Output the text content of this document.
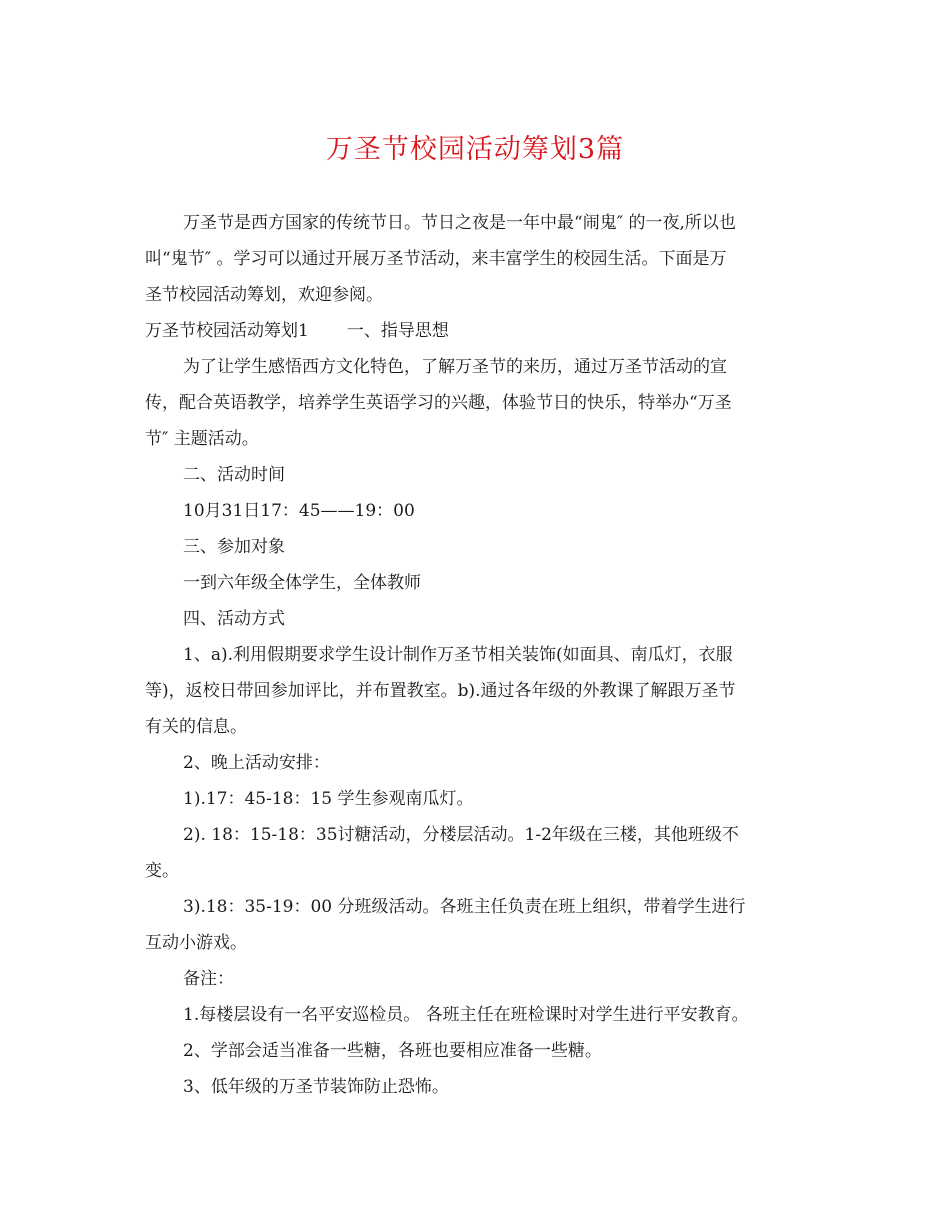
万圣节校园活动筹划3篇

万圣节是西方国家的传统节日。节日之夜是一年中最“闹鬼″ 的一夜,所以也

叫“鬼节″ 。学习可以通过开展万圣节活动，来丰富学生的校园生活。下面是万

圣节校园活动筹划，欢迎参阅。

万圣节校园活动筹划1 一、指导思想

为了让学生感悟西方文化特色，了解万圣节的来历，通过万圣节活动的宣

传，配合英语教学，培养学生英语学习的兴趣，体验节日的快乐，特举办“万圣

节″ 主题活动。

二、活动时间

10月31日17：45——19：00

三、参加对象

一到六年级全体学生，全体教师

四、活动方式

1、a).利用假期要求学生设计制作万圣节相关装饰(如面具、南瓜灯，衣服

等)，返校日带回参加评比，并布置教室。b).通过各年级的外教课了解跟万圣节

有关的信息。

2、晚上活动安排：

1).17：45-18：15 学生参观南瓜灯。

2). 18：15-18：35讨糖活动，分楼层活动。1-2年级在三楼，其他班级不

变。

3).18：35-19：00 分班级活动。各班主任负责在班上组织，带着学生进行

互动小游戏。

备注：

1.每楼层设有一名平安巡检员。 各班主任在班检课时对学生进行平安教育。

2、学部会适当准备一些糖，各班也要相应准备一些糖。

3、低年级的万圣节装饰防止恐怖。
